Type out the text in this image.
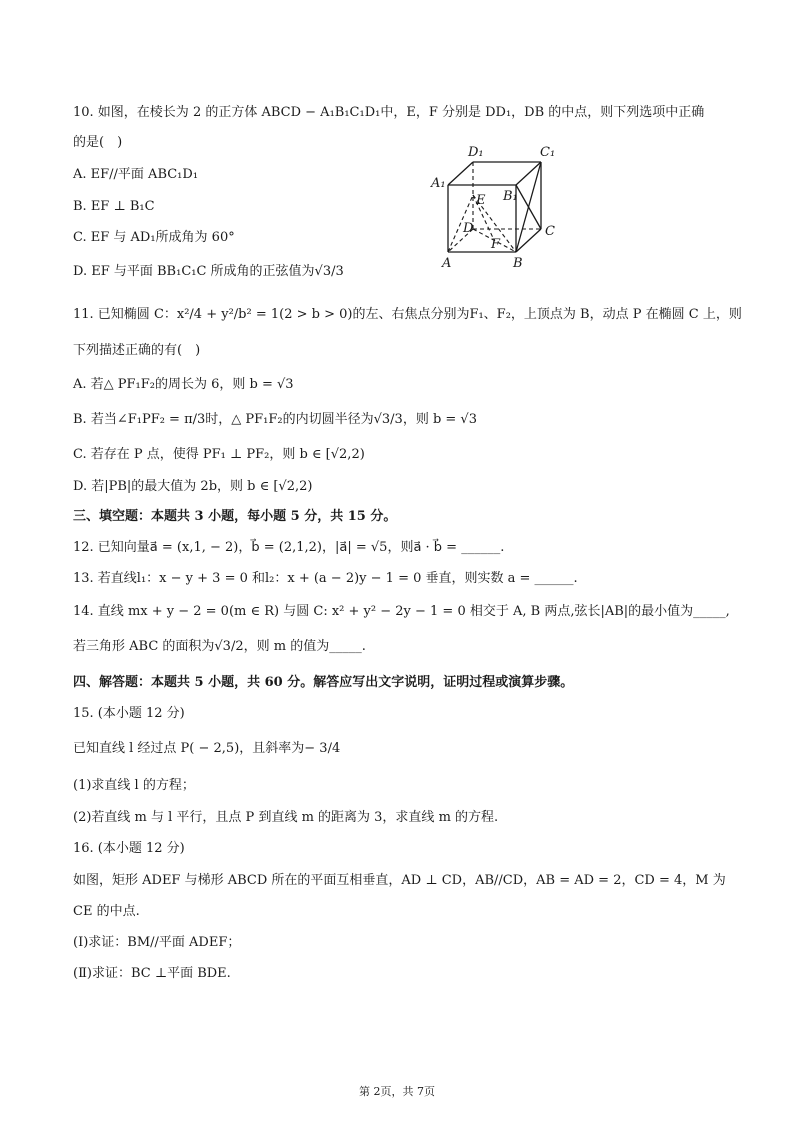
10. 如图，在棱长为 2 的正方体 ABCD − A₁B₁C₁D₁中，E，F 分别是 DD₁，DB 的中点，则下列选项中正确
的是(　)
A. EF//平面 ABC₁D₁
B. EF ⊥ B₁C
C. EF 与 AD₁所成角为 60°
D. EF 与平面 BB₁C₁C 所成角的正弦值为√3/3
D₁	C₁
A₁
B₁
E
D
F
C
A	B
11. 已知椭圆 C：x²/4 + y²/b² = 1(2 > b > 0)的左、右焦点分别为F₁、F₂，上顶点为 B，动点 P 在椭圆 C 上，则
下列描述正确的有(　)
A. 若△ PF₁F₂的周长为 6，则 b = √3
B. 若当∠F₁PF₂ = π/3时，△ PF₁F₂的内切圆半径为√3/3，则 b = √3
C. 若存在 P 点，使得 PF₁ ⊥ PF₂，则 b ∈ [√2,2)
D. 若|PB|的最大值为 2b，则 b ∈ [√2,2)
三、填空题：本题共 3 小题，每小题 5 分，共 15 分。
12. 已知向量a⃗ = (x,1, − 2)，b⃗ = (2,1,2)，|a⃗| = √5，则a⃗ · b⃗ = ______.
13. 若直线l₁：x − y + 3 = 0 和l₂：x + (a − 2)y − 1 = 0 垂直，则实数 a = ______.
14. 直线 mx + y − 2 = 0(m ∈ R) 与圆 C: x² + y² − 2y − 1 = 0 相交于 A, B 两点,弦长|AB|的最小值为_____,
若三角形 ABC 的面积为√3/2，则 m 的值为_____.
四、解答题：本题共 5 小题，共 60 分。解答应写出文字说明，证明过程或演算步骤。
15. (本小题 12 分)
已知直线 l 经过点 P( − 2,5)，且斜率为− 3/4
(1)求直线 l 的方程；
(2)若直线 m 与 l 平行，且点 P 到直线 m 的距离为 3，求直线 m 的方程.
16. (本小题 12 分)
如图，矩形 ADEF 与梯形 ABCD 所在的平面互相垂直，AD ⊥ CD，AB//CD，AB = AD = 2，CD = 4，M 为
CE 的中点.
(Ⅰ)求证：BM//平面 ADEF；
(Ⅱ)求证：BC ⊥平面 BDE.
第 2页，共 7页
